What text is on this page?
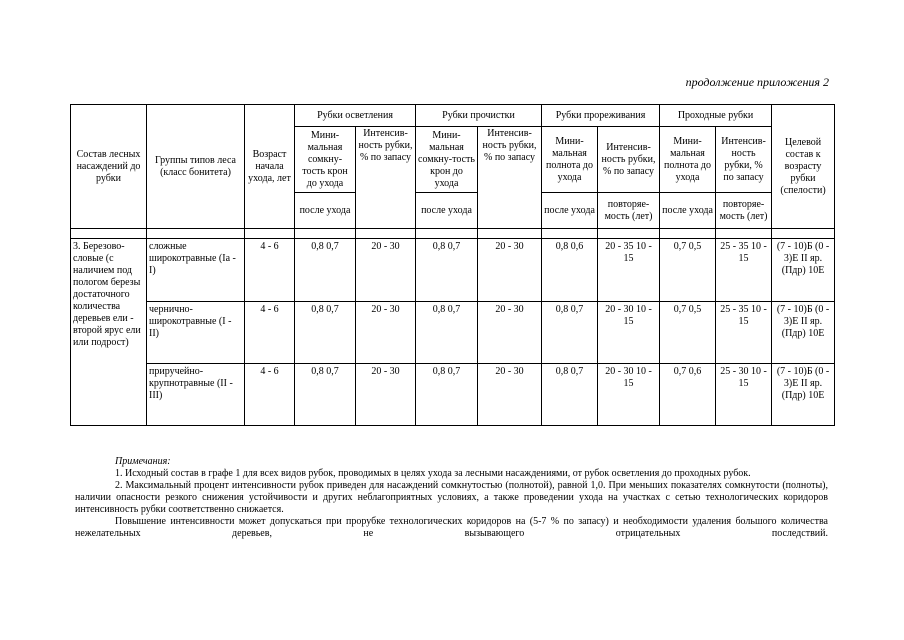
продолжение приложения 2
Состав лесных насаждений до рубки	Группы типов леса (класс бонитета)	Возраст начала ухода, лет	Рубки осветления		Рубки прочистки		Рубки прореживания		Проходные рубки		Целевой состав к возрасту рубки (спелости)
			Мини-мальная сомкну-тость крон до ухода	Интенсив-ность рубки, % по запасу	Мини-мальная сомкну-тость крон до ухода	Интенсив-ность рубки, % по запасу	Мини-мальная полнота до ухода	Интенсив-ность рубки, % по запасу	Мини-мальная полнота до ухода	Интенсив-ность рубки, % по запасу	
			после ухода		после ухода		после ухода	повторяе-мость (лет)	после ухода	повторяе-мость (лет)	

3. Березово-словые (с наличием под пологом березы достаточного количества деревьев ели - второй ярус ели или подрост)	сложные широкотравные (Ia - I)	4 - 6	0,8 0,7	20 - 30	0,8 0,7	20 - 30	0,8 0,6	20 - 35 10 - 15	0,7 0,5	25 - 35 10 - 15	(7 - 10)Б (0 - 3)Е II яр. (Пдр) 10Е
	чернично-широкотравные (I - II)	4 - 6	0,8 0,7	20 - 30	0,8 0,7	20 - 30	0,8 0,7	20 - 30 10 - 15	0,7 0,5	25 - 35 10 - 15	(7 - 10)Б (0 - 3)Е II яр. (Пдр) 10Е
	приручейно-крупнотравные (II - III)	4 - 6	0,8 0,7	20 - 30	0,8 0,7	20 - 30	0,8 0,7	20 - 30 10 - 15	0,7 0,6	25 - 30 10 - 15	(7 - 10)Б (0 - 3)Е II яр. (Пдр) 10Е

Примечания:

1. Исходный состав в графе 1 для всех видов рубок, проводимых в целях ухода за лесными насаждениями, от рубок осветления до проходных рубок.

2. Максимальный процент интенсивности рубок приведен для насаждений сомкнутостью (полнотой), равной 1,0. При меньших показателях сомкнутости (полноты), наличии опасности резкого снижения устойчивости и других неблагоприятных условиях, а также проведении ухода на участках с сетью технологических коридоров интенсивность рубки соответственно снижается.

Повышение интенсивности может допускаться при прорубке технологических коридоров на (5-7 % по запасу) и необходимости удаления большого количества нежелательных деревьев, не вызывающего отрицательных последствий.
